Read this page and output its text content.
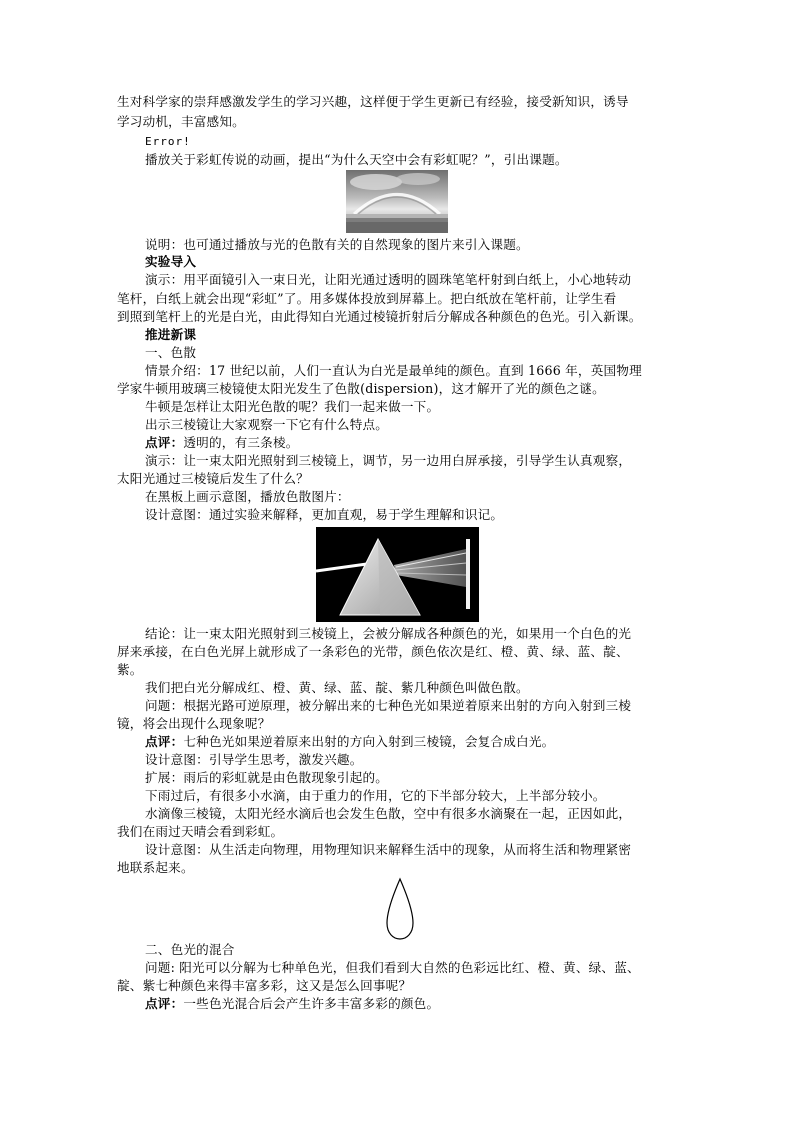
生对科学家的崇拜感激发学生的学习兴趣，这样便于学生更新已有经验，接受新知识，诱导
学习动机，丰富感知。
Error!
播放关于彩虹传说的动画，提出“为什么天空中会有彩虹呢？”，引出课题。
说明：也可通过播放与光的色散有关的自然现象的图片来引入课题。
实验导入
演示：用平面镜引入一束日光，让阳光通过透明的圆珠笔笔杆射到白纸上，小心地转动
笔杆，白纸上就会出现“彩虹”了。用多媒体投放到屏幕上。把白纸放在笔杆前，让学生看
到照到笔杆上的光是白光，由此得知白光通过棱镜折射后分解成各种颜色的色光。引入新课。
推进新课
一、色散
情景介绍：17 世纪以前，人们一直认为白光是最单纯的颜色。直到 1666 年，英国物理
学家牛顿用玻璃三棱镜使太阳光发生了色散(dispersion)，这才解开了光的颜色之谜。
牛顿是怎样让太阳光色散的呢？我们一起来做一下。
出示三棱镜让大家观察一下它有什么特点。
点评：透明的，有三条棱。
演示：让一束太阳光照射到三棱镜上，调节，另一边用白屏承接，引导学生认真观察，
太阳光通过三棱镜后发生了什么？
在黑板上画示意图，播放色散图片：
设计意图：通过实验来解释，更加直观，易于学生理解和识记。
结论：让一束太阳光照射到三棱镜上，会被分解成各种颜色的光，如果用一个白色的光
屏来承接，在白色光屏上就形成了一条彩色的光带，颜色依次是红、橙、黄、绿、蓝、靛、
紫。
我们把白光分解成红、橙、黄、绿、蓝、靛、紫几种颜色叫做色散。
问题：根据光路可逆原理，被分解出来的七种色光如果逆着原来出射的方向入射到三棱
镜，将会出现什么现象呢？
点评：七种色光如果逆着原来出射的方向入射到三棱镜，会复合成白光。
设计意图：引导学生思考，激发兴趣。
扩展：雨后的彩虹就是由色散现象引起的。
下雨过后，有很多小水滴，由于重力的作用，它的下半部分较大，上半部分较小。
水滴像三棱镜，太阳光经水滴后也会发生色散，空中有很多水滴聚在一起，正因如此，
我们在雨过天晴会看到彩虹。
设计意图：从生活走向物理，用物理知识来解释生活中的现象，从而将生活和物理紧密
地联系起来。
二、色光的混合
问题: 阳光可以分解为七种单色光，但我们看到大自然的色彩远比红、橙、黄、绿、蓝、
靛、紫七种颜色来得丰富多彩，这又是怎么回事呢？
点评：一些色光混合后会产生许多丰富多彩的颜色。
